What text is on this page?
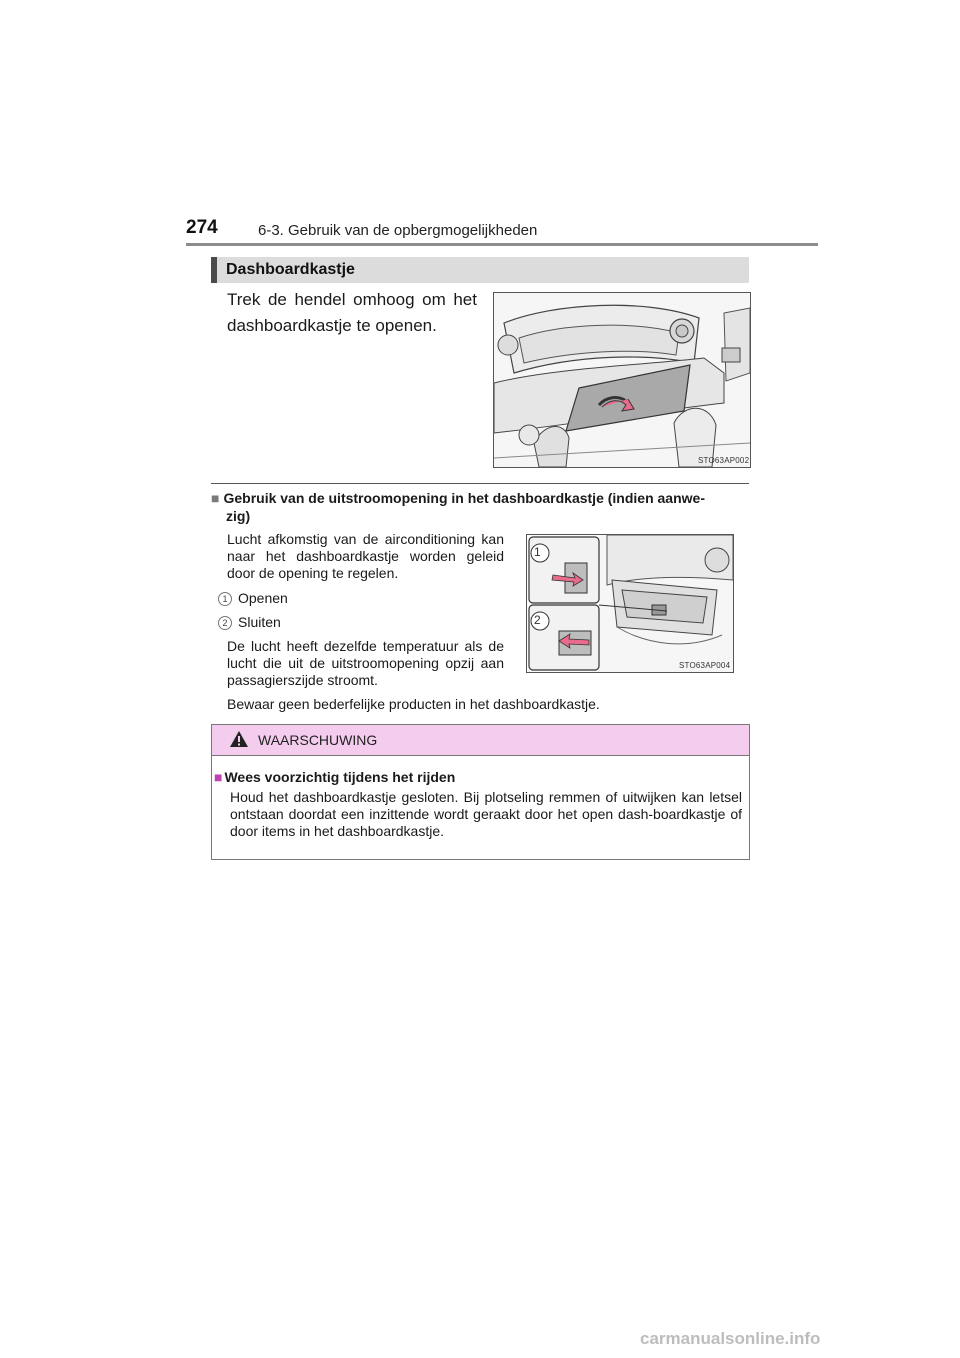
274	6-3. Gebruik van de opbergmogelijkheden
Dashboardkastje
Trek de hendel omhoog om het dashboardkastje te openen.
STO63AP002
■ Gebruik van de uitstroomopening in het dashboardkastje (indien aanwe-
zig)
Lucht afkomstig van de airconditioning kan naar het dashboardkastje worden geleid door de opening te regelen.
1 Openen
2 Sluiten
De lucht heeft dezelfde temperatuur als de lucht die uit de uitstroomopening opzij aan passagierszijde stroomt.
Bewaar geen bederfelijke producten in het dashboardkastje.
1
2
STO63AP004
WAARSCHUWING
■ Wees voorzichtig tijdens het rijden
Houd het dashboardkastje gesloten. Bij plotseling remmen of uitwijken kan letsel ontstaan doordat een inzittende wordt geraakt door het open dash-boardkastje of door items in het dashboardkastje.
carmanualsonline.info
